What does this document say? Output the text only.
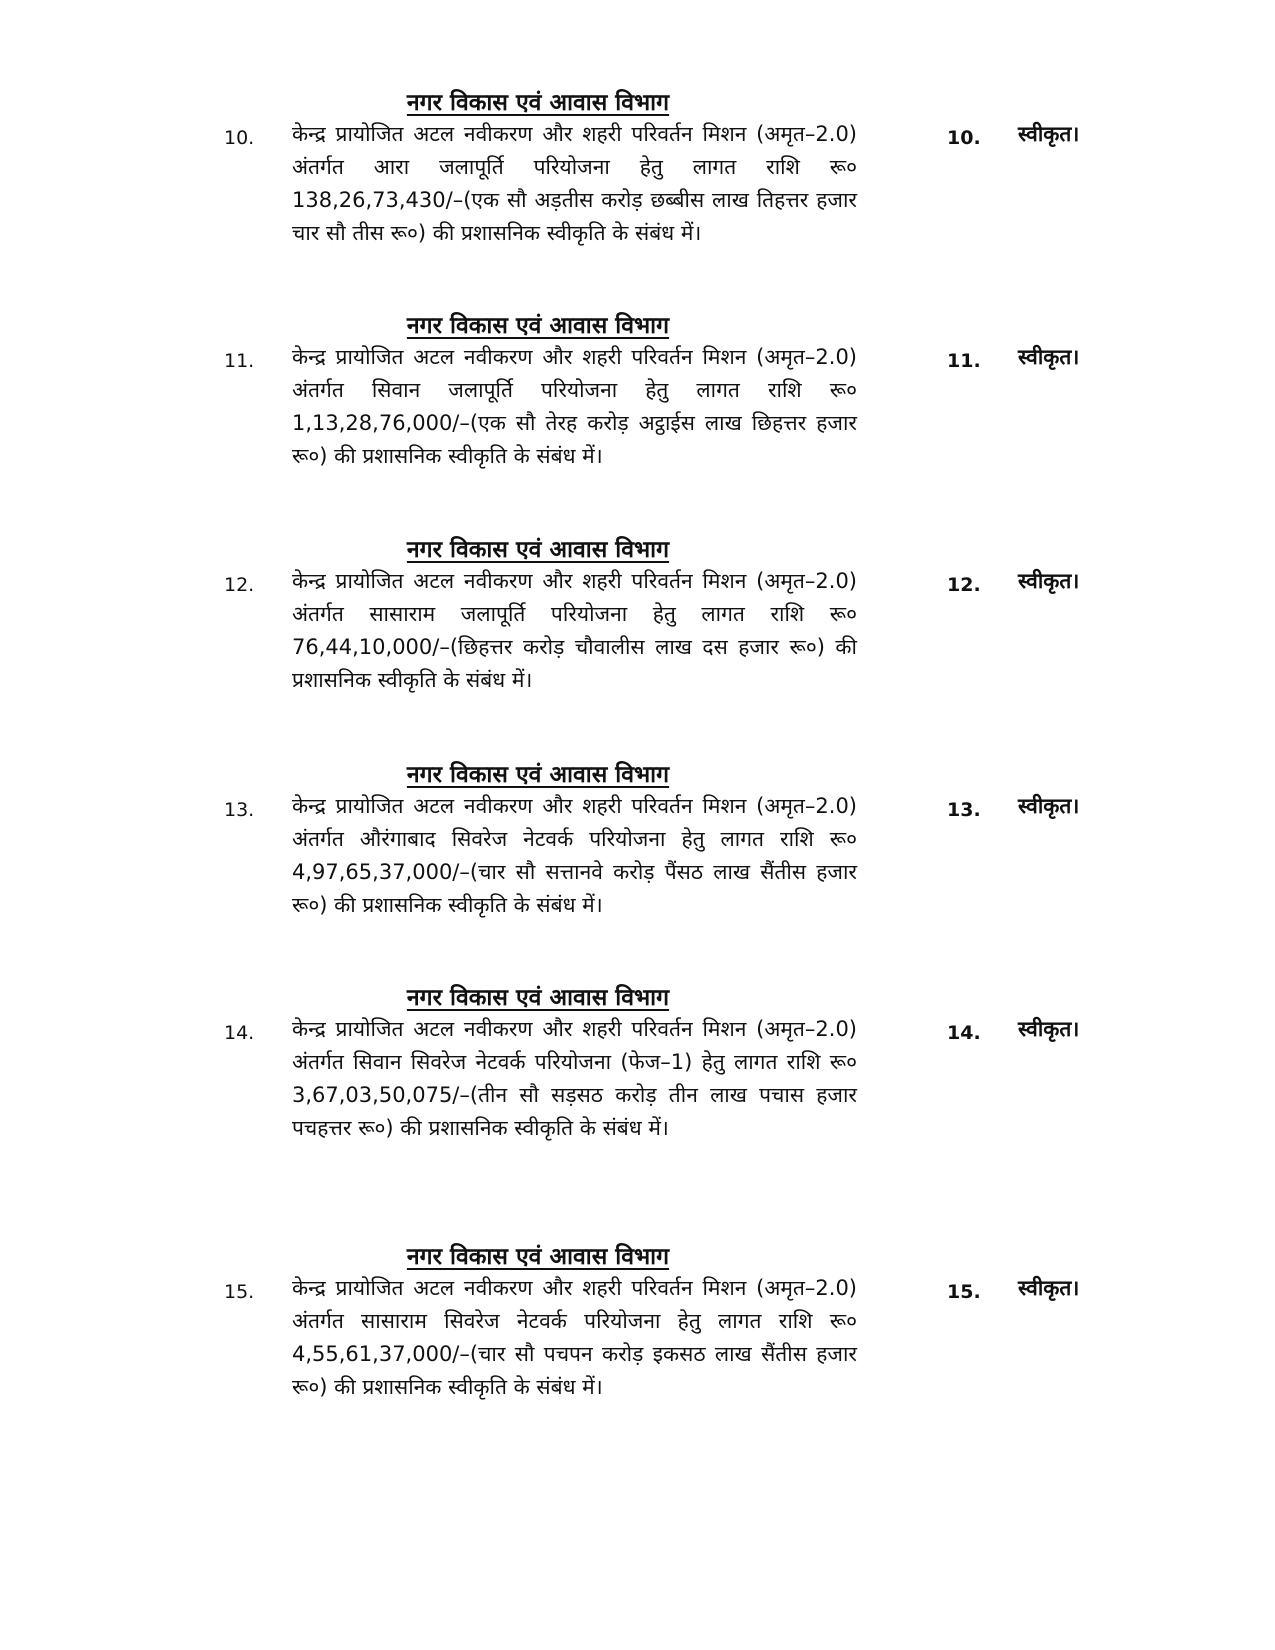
नगर विकास एवं आवास विभाग
10. केन्द्र प्रायोजित अटल नवीकरण और शहरी परिवर्तन मिशन (अमृत–2.0) अंतर्गत आरा जलापूर्ति परियोजना हेतु लागत राशि रू० 138,26,73,430/–(एक सौ अड़तीस करोड़ छब्बीस लाख तिहत्तर हजार चार सौ तीस रू०) की प्रशासनिक स्वीकृति के संबंध में।
10. स्वीकृत।
नगर विकास एवं आवास विभाग
11. केन्द्र प्रायोजित अटल नवीकरण और शहरी परिवर्तन मिशन (अमृत–2.0) अंतर्गत सिवान जलापूर्ति परियोजना हेतु लागत राशि रू० 1,13,28,76,000/–(एक सौ तेरह करोड़ अट्ठाईस लाख छिहत्तर हजार रू०) की प्रशासनिक स्वीकृति के संबंध में।
11. स्वीकृत।
नगर विकास एवं आवास विभाग
12. केन्द्र प्रायोजित अटल नवीकरण और शहरी परिवर्तन मिशन (अमृत–2.0) अंतर्गत सासाराम जलापूर्ति परियोजना हेतु लागत राशि रू० 76,44,10,000/–(छिहत्तर करोड़ चौवालीस लाख दस हजार रू०) की प्रशासनिक स्वीकृति के संबंध में।
12. स्वीकृत।
नगर विकास एवं आवास विभाग
13. केन्द्र प्रायोजित अटल नवीकरण और शहरी परिवर्तन मिशन (अमृत–2.0) अंतर्गत औरंगाबाद सिवरेज नेटवर्क परियोजना हेतु लागत राशि रू० 4,97,65,37,000/–(चार सौ सत्तानवे करोड़ पैंसठ लाख सैंतीस हजार रू०) की प्रशासनिक स्वीकृति के संबंध में।
13. स्वीकृत।
नगर विकास एवं आवास विभाग
14. केन्द्र प्रायोजित अटल नवीकरण और शहरी परिवर्तन मिशन (अमृत–2.0) अंतर्गत सिवान सिवरेज नेटवर्क परियोजना (फेज–1) हेतु लागत राशि रू० 3,67,03,50,075/–(तीन सौ सड़सठ करोड़ तीन लाख पचास हजार पचहत्तर रू०) की प्रशासनिक स्वीकृति के संबंध में।
14. स्वीकृत।
नगर विकास एवं आवास विभाग
15. केन्द्र प्रायोजित अटल नवीकरण और शहरी परिवर्तन मिशन (अमृत–2.0) अंतर्गत सासाराम सिवरेज नेटवर्क परियोजना हेतु लागत राशि रू० 4,55,61,37,000/–(चार सौ पचपन करोड़ इकसठ लाख सैंतीस हजार रू०) की प्रशासनिक स्वीकृति के संबंध में।
15. स्वीकृत।
